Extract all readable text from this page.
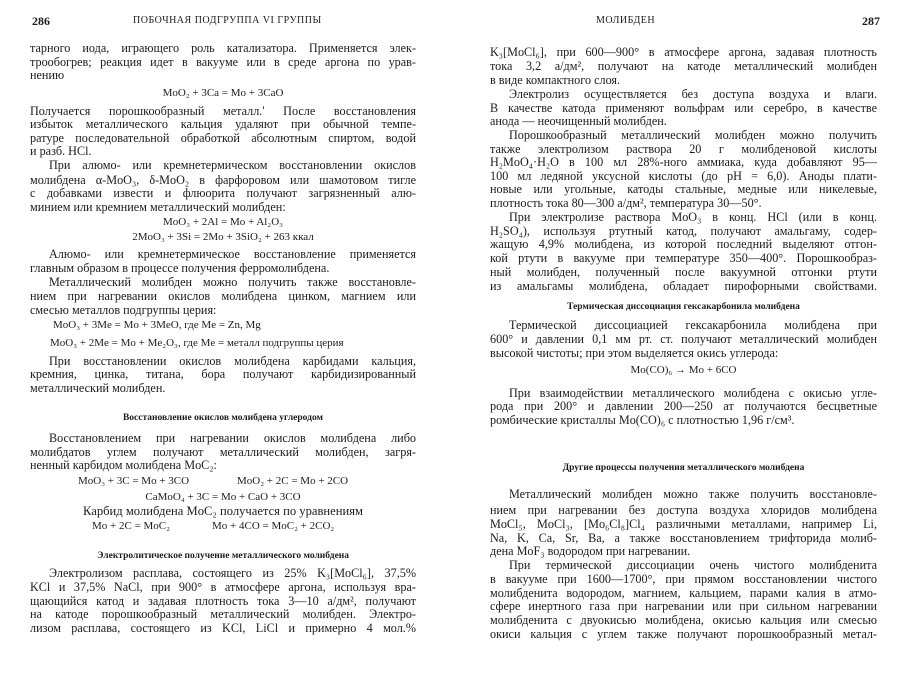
286	ПОБОЧНАЯ ПОДГРУППА VI ГРУППЫ
тарного иода, играющего роль катализатора. Применяется элек-
трообогрев; реакция идет в вакууме или в среде аргона по урав-
нению
MoO₂ + 3Ca = Mo + 3CaO
Получается порошкообразный металл.' После восстановления
избыток металлического кальция удаляют при обычной темпе-
ратуре последовательной обработкой абсолютным спиртом, водой
и разб. HCl.
При алюмо- или кремнетермическом восстановлении окислов
молибдена α-MoO₃, δ-MoO₂ в фарфоровом или шамотовом тигле
с добавками извести и флюорита получают загрязненный алю-
минием или кремнием металлический молибден:
MoO₃ + 2Al = Mo + Al₂O₃
2MoO₃ + 3Si = 2Mo + 3SiO₂ + 263 ккал
Алюмо- или кремнетермическое восстановление применяется
главным образом в процессе получения ферромолибдена.
Металлический молибден можно получить также восстановле-
нием при нагревании окислов молибдена цинком, магнием или
смесью металлов подгруппы церия:
MoO₃ + 3Me = Mo + 3MeO, где Me = Zn, Mg
MoO₃ + 2Me = Mo + Me₂O₃, где Me = металл подгруппы церия
При восстановлении окислов молибдена карбидами кальция,
кремния, цинка, титана, бора получают карбидизированный
металлический молибден.
Восстановление окислов молибдена углеродом
Восстановлением при нагревании окислов молибдена либо
молибдатов углем получают металлический молибден, загря-
ненный карбидом молибдена MoC₂:
MoO₃ + 3C = Mo + 3CO	MoO₂ + 2C = Mo + 2CO
CaMoO₄ + 3C = Mo + CaO + 3CO
Карбид молибдена MoC₂ получается по уравнениям
Mo + 2C = MoC₂	Mo + 4CO = MoC₂ + 2CO₂
Электролитическое получение металлического молибдена
Электролизом расплава, состоящего из 25% K₃[MoCl₆], 37,5%
KCl и 37,5% NaCl, при 900° в атмосфере аргона, используя вра-
щающийся катод и задавая плотность тока 3—10 а/дм², получают
на катоде порошкообразный металлический молибден. Электро-
лизом расплава, состоящего из KCl, LiCl и примерно 4 мол.%
МОЛИБДЕН	287
K₃[MoCl₆], при 600—900° в атмосфере аргона, задавая плотность
тока 3,2 а/дм², получают на катоде металлический молибден
в виде компактного слоя.
Электролиз осуществляется без доступа воздуха и влаги.
В качестве катода применяют вольфрам или серебро, в качестве
анода — неочищенный молибден.
Порошкообразный металлический молибден можно получить
также электролизом раствора 20 г молибденовой кислоты
H₂MoO₄·H₂O в 100 мл 28%-ного аммиака, куда добавляют 95—
100 мл ледяной уксусной кислоты (до pH = 6,0). Аноды плати-
новые или угольные, катоды стальные, медные или никелевые,
плотность тока 80—300 а/дм², температура 30—50°.
При электролизе раствора MoO₃ в конц. HCl (или в конц.
H₂SO₄), используя ртутный катод, получают амальгаму, содер-
жащую 4,9% молибдена, из которой последний выделяют отгон-
кой ртути в вакууме при температуре 350—400°. Порошкообраз-
ный молибден, полученный после вакуумной отгонки ртути
из амальгамы молибдена, обладает пирофорными свойствами.
Термическая диссоциация гексакарбонила молибдена
Термической диссоциацией гексакарбонила молибдена при
600° и давлении 0,1 мм рт. ст. получают металлический молибден
высокой чистоты; при этом выделяется окись углерода:
Mo(CO)₆ → Mo + 6CO
При взаимодействии металлического молибдена с окисью угле-
рода при 200° и давлении 200—250 ат получаются бесцветные
ромбические кристаллы Mo(CO)₆ с плотностью 1,96 г/см³.
Другие процессы получения металлического молибдена
Металлический молибден можно также получить восстановле-
нием при нагревании без доступа воздуха хлоридов молибдена
MoCl₅, MoCl₃, [Mo₆Cl₈]Cl₄ различными металлами, например Li,
Na, K, Ca, Sr, Ba, а также восстановлением трифторида молиб-
дена MoF₃ водородом при нагревании.
При термической диссоциации очень чистого молибденита
в вакууме при 1600—1700°, при прямом восстановлении чистого
молибденита водородом, магнием, кальцием, парами калия в атмо-
сфере инертного газа при нагревании или при сильном нагревании
молибденита с двуокисью молибдена, окисью кальция или смесью
окиси кальция с углем также получают порошкообразный метал-
